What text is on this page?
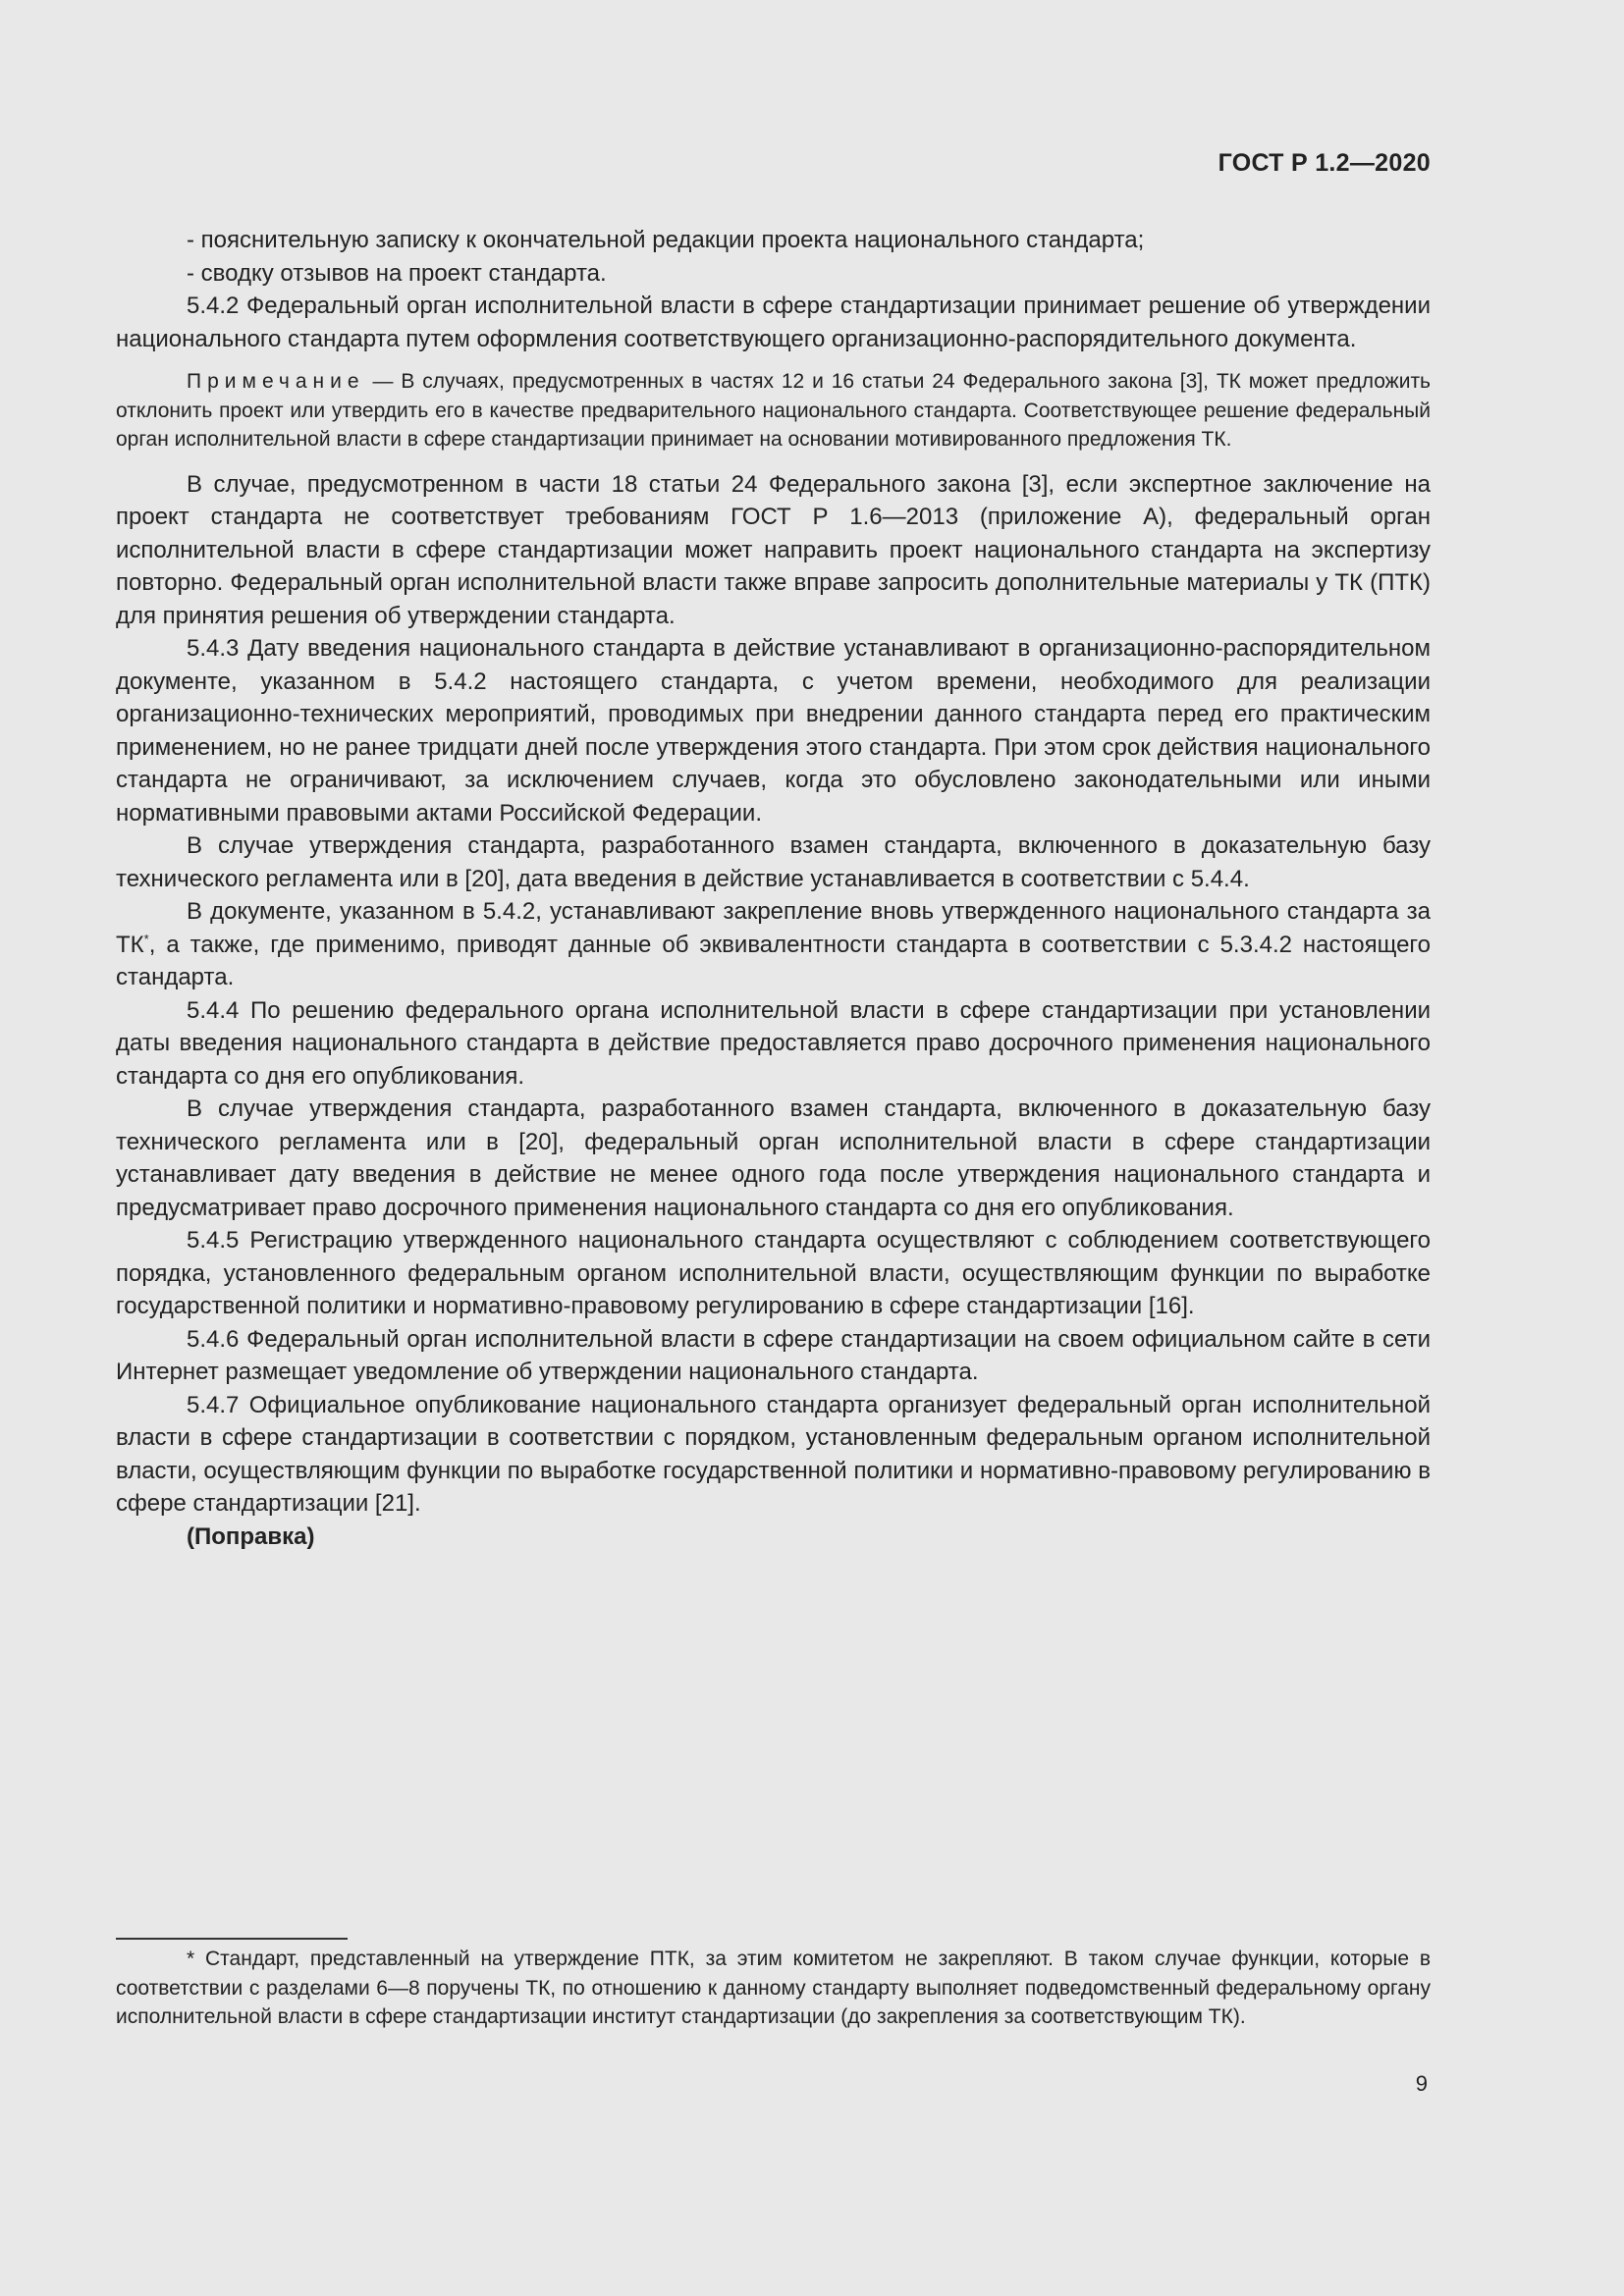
ГОСТ Р 1.2—2020

- пояснительную записку к окончательной редакции проекта национального стандарта;

- сводку отзывов на проект стандарта.

5.4.2 Федеральный орган исполнительной власти в сфере стандартизации принимает решение об утверждении национального стандарта путем оформления соответствующего организационно-распорядительного документа.

Примечание — В случаях, предусмотренных в частях 12 и 16 статьи 24 Федерального закона [3], ТК может предложить отклонить проект или утвердить его в качестве предварительного национального стандарта. Соответствующее решение федеральный орган исполнительной власти в сфере стандартизации принимает на основании мотивированного предложения ТК.

В случае, предусмотренном в части 18 статьи 24 Федерального закона [3], если экспертное заключение на проект стандарта не соответствует требованиям ГОСТ Р 1.6—2013 (приложение А), федеральный орган исполнительной власти в сфере стандартизации может направить проект национального стандарта на экспертизу повторно. Федеральный орган исполнительной власти также вправе запросить дополнительные материалы у ТК (ПТК) для принятия решения об утверждении стандарта.

5.4.3 Дату введения национального стандарта в действие устанавливают в организационно-распорядительном документе, указанном в 5.4.2 настоящего стандарта, с учетом времени, необходимого для реализации организационно-технических мероприятий, проводимых при внедрении данного стандарта перед его практическим применением, но не ранее тридцати дней после утверждения этого стандарта. При этом срок действия национального стандарта не ограничивают, за исключением случаев, когда это обусловлено законодательными или иными нормативными правовыми актами Российской Федерации.

В случае утверждения стандарта, разработанного взамен стандарта, включенного в доказательную базу технического регламента или в [20], дата введения в действие устанавливается в соответствии с 5.4.4.

В документе, указанном в 5.4.2, устанавливают закрепление вновь утвержденного национального стандарта за ТК*, а также, где применимо, приводят данные об эквивалентности стандарта в соответствии с 5.3.4.2 настоящего стандарта.

5.4.4 По решению федерального органа исполнительной власти в сфере стандартизации при установлении даты введения национального стандарта в действие предоставляется право досрочного применения национального стандарта со дня его опубликования.

В случае утверждения стандарта, разработанного взамен стандарта, включенного в доказательную базу технического регламента или в [20], федеральный орган исполнительной власти в сфере стандартизации устанавливает дату введения в действие не менее одного года после утверждения национального стандарта и предусматривает право досрочного применения национального стандарта со дня его опубликования.

5.4.5 Регистрацию утвержденного национального стандарта осуществляют с соблюдением соответствующего порядка, установленного федеральным органом исполнительной власти, осуществляющим функции по выработке государственной политики и нормативно-правовому регулированию в сфере стандартизации [16].

5.4.6 Федеральный орган исполнительной власти в сфере стандартизации на своем официальном сайте в сети Интернет размещает уведомление об утверждении национального стандарта.

5.4.7 Официальное опубликование национального стандарта организует федеральный орган исполнительной власти в сфере стандартизации в соответствии с порядком, установленным федеральным органом исполнительной власти, осуществляющим функции по выработке государственной политики и нормативно-правовому регулированию в сфере стандартизации [21].

(Поправка)

* Стандарт, представленный на утверждение ПТК, за этим комитетом не закрепляют. В таком случае функции, которые в соответствии с разделами 6—8 поручены ТК, по отношению к данному стандарту выполняет подведомственный федеральному органу исполнительной власти в сфере стандартизации институт стандартизации (до закрепления за соответствующим ТК).

9
